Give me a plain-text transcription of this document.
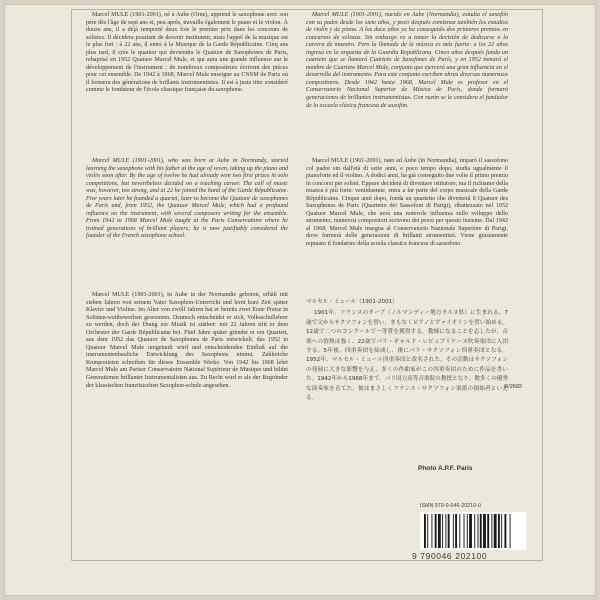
Marcel MULE (1901-2001), né à Aube (Orne), apprend le saxophone avec son père dès l'âge de sept ans et, peu après, travaille également le piano et le violon. À douze ans, il a déjà remporté deux fois le premier prix dans les concours de solistes. Il décidera pourtant de devenir instituteur, mais l'appel de la musique est le plus fort : à 22 ans, il entre à la Musique de la Garde Républicaine. Cinq ans plus tard, il crée le quatuor qui deviendra le Quatuor de Saxophones de Paris, rebaptisé en 1952 Quatuor Marcel Mule, et qui aura une grande influence sur le développement de l'instrument ; de nombreux compositeurs écrivent des pièces pour cet ensemble. De 1942 à 1968, Marcel Mule enseigne au CNSM de Paris où il formera des générations de brillants instrumentistes. Il est à juste titre considéré comme le fondateur de l'école classique française du saxophone.

Marcel MULE (1901-2001), who was born at Aube in Normandy, started learning the saxophone with his father at the age of seven, taking up the piano and violin soon after. By the age of twelve he had already won two first prizes in solo competitions, but nevertheless decided on a teaching career. The call of music was, however, too strong, and at 22 he joined the band of the Garde Républicaine. Five years later he founded a quartet, later to become the Quatuor de saxophones de Paris and, from 1952, the Quatuor Marcel Mule, which had a profound influence on the instrument, with several composers writing for the ensemble. From 1942 to 1968 Marcel Mule taught at the Paris Conservatoire where he trained generations of brilliant players; he is now justifiably considered the founder of the French saxophone school.

Marcel MULE (1901-2001), in Aube in der Normandie geboren, erhält mit sieben Jahren von seinem Vater Saxophon-Unterricht und lernt kurz Zeit später Klavier und Violine. Im Alter von zwölf Jahren hat er bereits zwei Erste Preise in Solisten-wettbewerben gewonnen. Dennoch entscheidet er sich, Volksschullehrer zu werden, doch der Drang zur Musik ist stärker: mit 22 Jahren tritt er dem Orchester der Garde Républicaine bei. Fünf Jahre später gründet er ein Quartett, aus dem 1952 das Quatuor de Saxophones de Paris entwickelt. das 1952 in Quatuor Marcel Mule umgetauft wird und entscheidenden Einfluß auf die instrumentenbauliche Entwicklung des Saxophons nimmt. Zahlreiche Komponisten schreiben für dieses Ensemble Werke. Von 1942 bis 1968 lehrt Marcel Mule am Pariser Conservatoire National Supérieur de Musique und bildet Generationen brillanter Instrumentalisten aus. Zu Recht wird er als der Begründer der klassischen französischen Saxophon-schule angesehen.

Marcel MULE (1901-2001), nacido en Aube (Normandía), estudia el saxofón con su padre desde los siete años, y poco después comienza también los estudios de violín y de piano. A los doce años ya ha conseguido dos primeros premios en concursos de solistas. Sin embargo va a tomar la decisión de dedicarse a la carrera de maestro. Pero la llamada de la música es más fuerte: a los 22 años ingresa en la orquesta de la Guardia Republicana. Cinco años después funda un cuarteto que se llamará Cuarteto de Saxofones de París, y en 1952 tomará el nombre de Cuarteto Marcel Mule, conjunto que ejercerá una gran influencia en el desarrollo del instrumento. Para este conjunto escriben obras diversas numerosos compositores. Desde 1942 hasta 1968, Marcel Mule es profesor en el Conservatorio Nacional Superior de Música de París, donde formará generaciones de brillantes instrumentistas. Con razón se le considera el fundador de la escuela clásica francesa de saxofón.

Marcel MULE (1901-2001), nato ad Aube (in Normandia), imparò il sassofono col padre sin dall'età di sette anni, e poco tempo dopo, studia ugualmente il pianoforte ed il violino. A dodici anni, ha già conseguito due volte il primo premio in concorsi per solisti. Eppure deciderà di diventare istitutore, ma il richiamo della musica è più forte: ventiduenne, entra a far parte del corpo musicale della Garde Républicaine. Cinque anni dopo, fonda un quartetto che diventerà il Quatuor des Saxophones de Paris (Quartetto dei Sassofoni di Parigi), ribattezzato nel 1952 Quatuor Marcel Mule, che avrà una notevole influenza sullo sviluppo dello strumento; numerosi compositori scrivono dei pezzi per questo insieme. Dal 1942 al 1968, Marcel Mule insegna al Conservatorio Nazionale Superiore di Parigi, dove formerà delle generazioni di brillanti strumentisti. Viene giustamente reputato il fondatore della scuola classica francese di sassofono.

マルセル・ミュール（1901-2001）
1901年、フランスのオーブ（ノルマンディー地方オルヌ県）に生まれる。7歳で父からサクソフォンを習い、まもなくピアノとヴァイオリンを習い始める。12歳で二つのコンクールで一等賞を獲得する。教師になることを志したが、音楽への情熱は強く、22歳でパリ・ギャルド・レピュブリケーヌ吹奏楽団に入団する。5年後、四重奏団を結成し、後にパリ・サクソフォン四重奏団となる。1952年、マルセル・ミュール四重奏団と改名された。その活動はサクソフォンの発展に大きな影響を与え、多くの作曲家がこの四重奏団のために作品を書いた。1942年から1968年まで、パリ国立高等音楽院の教授となり、数多くの優秀な演奏家を育てた。彼はまさしくフランス・サクソフォン楽派の創始者といえる。
R/2682
Photo A.P.F. Paris
ISMN 979-0-046-20210-0
9 790046 202100
